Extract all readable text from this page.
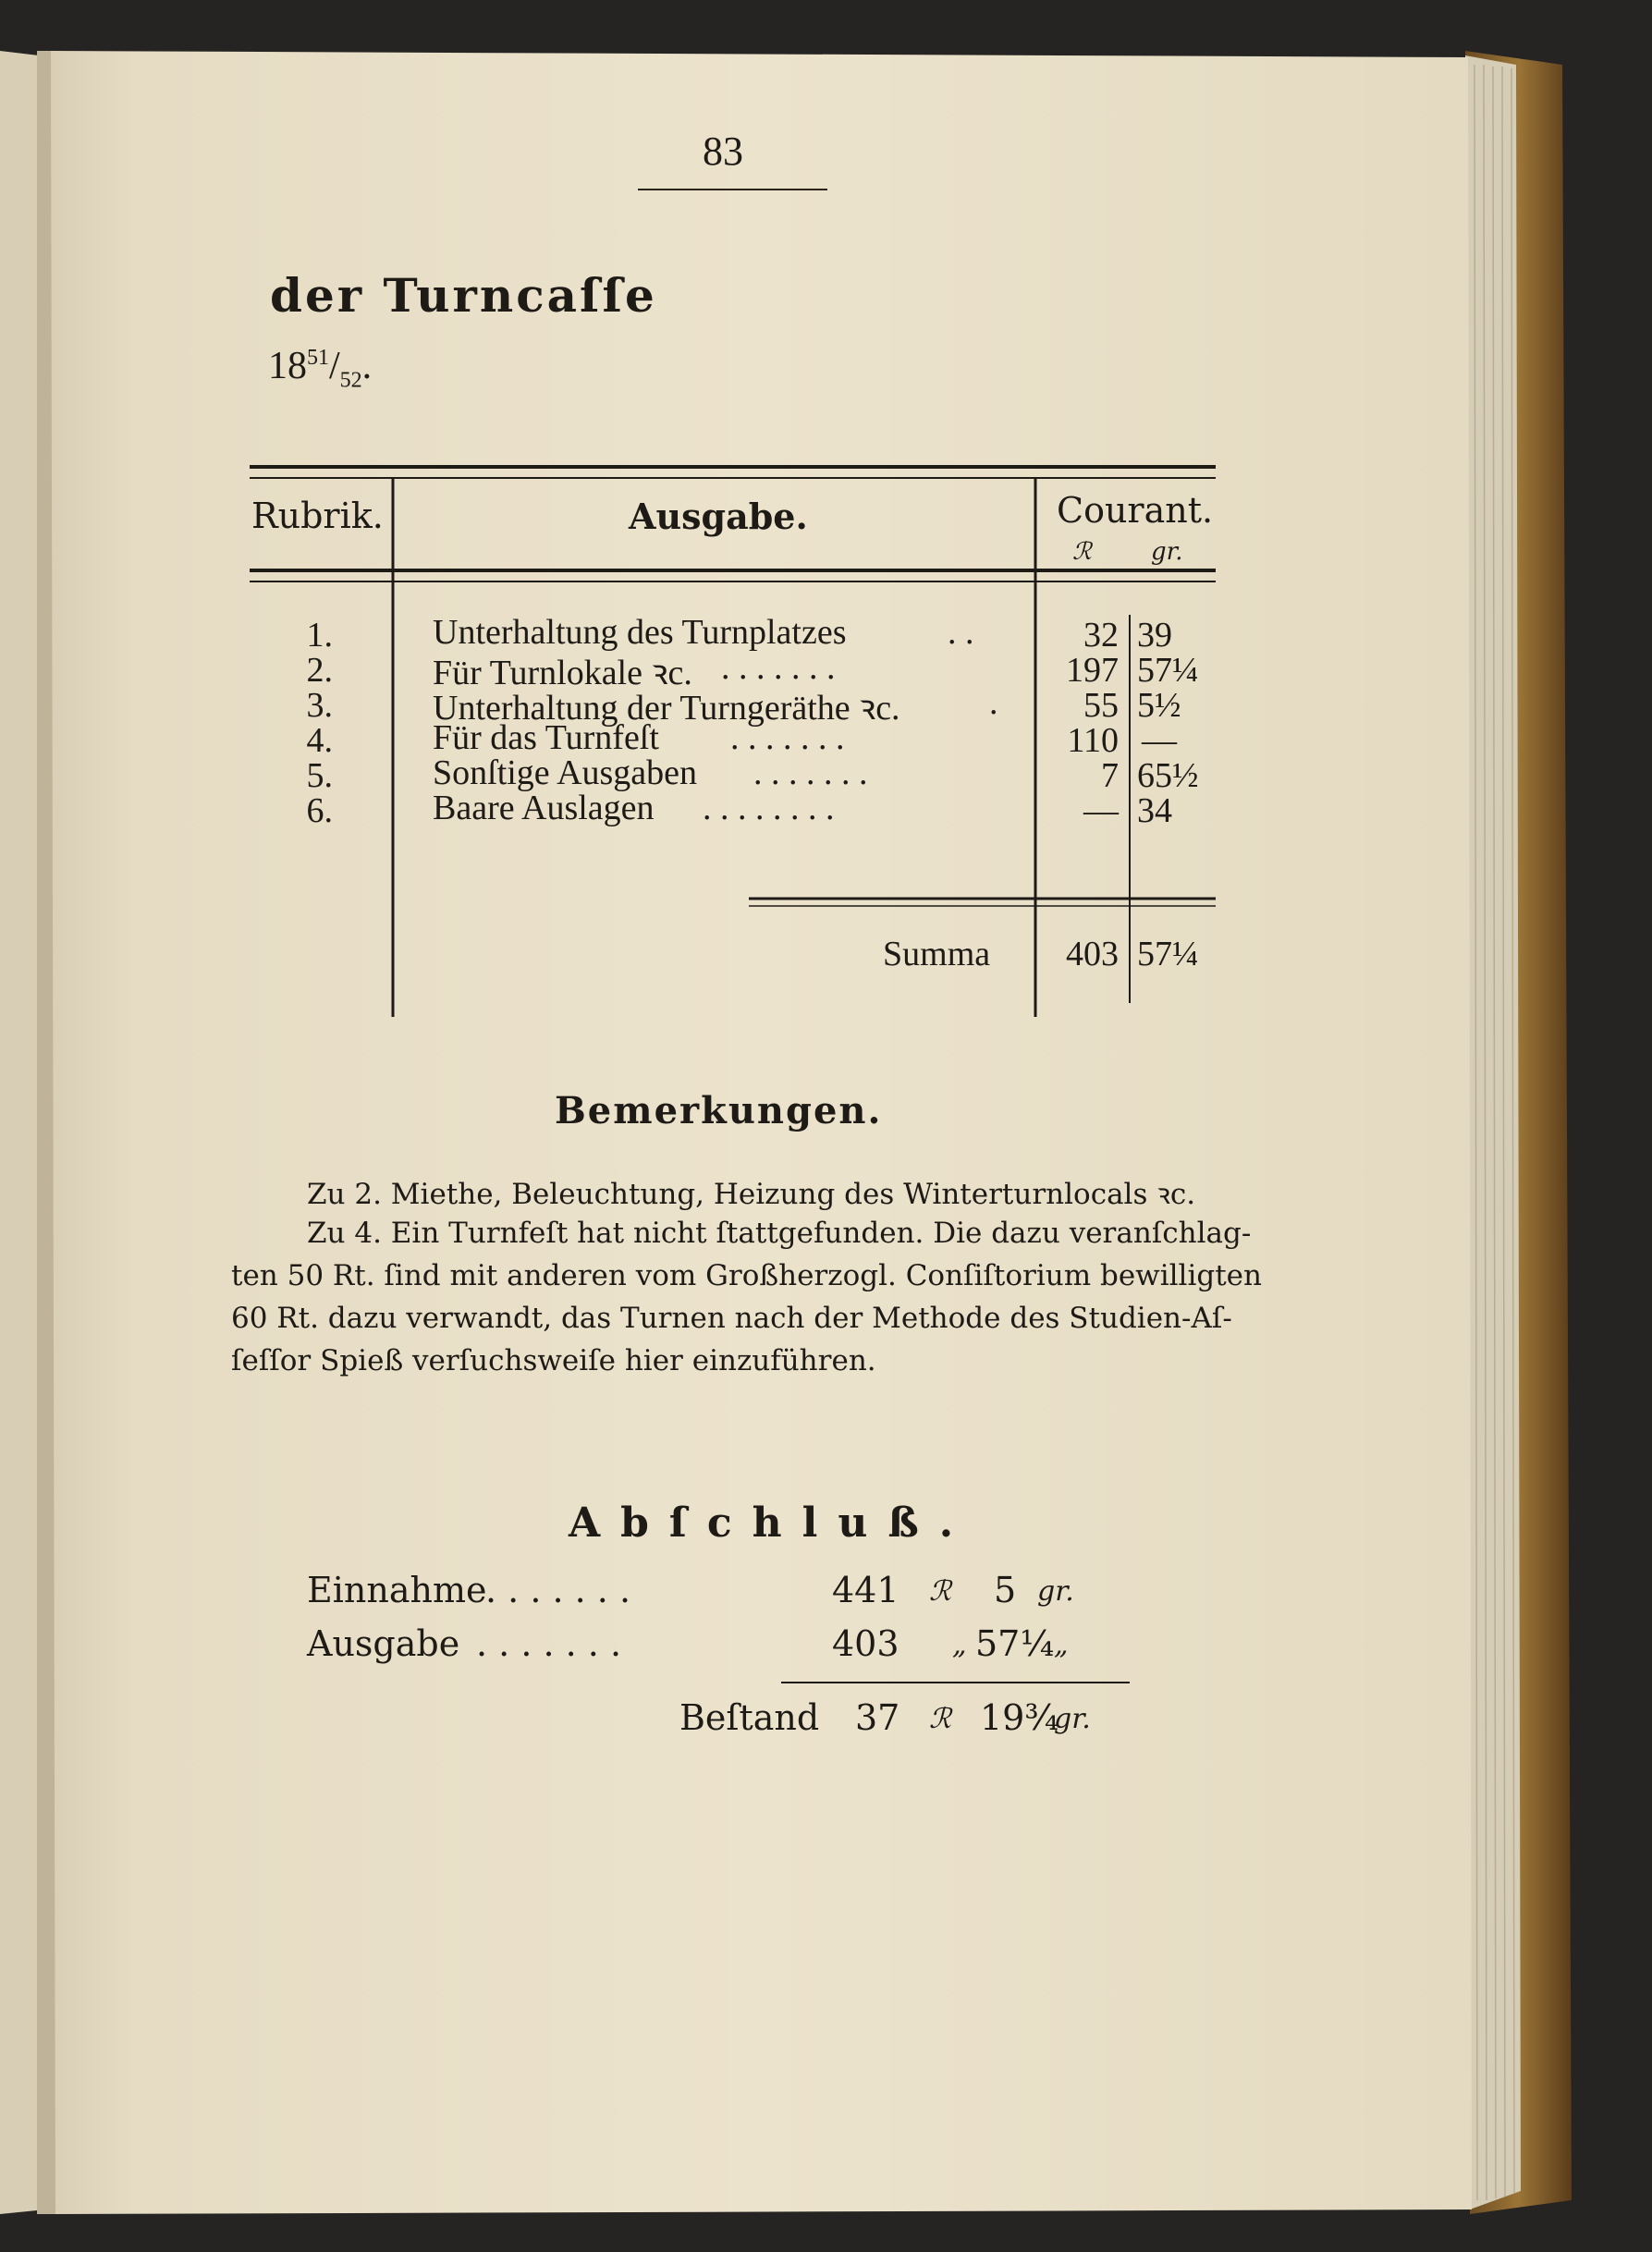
83
der Turncaſſe
$18^{51}/_{52}$.
Rubrik.	Ausgabe.	Courant.
ℛ︎ gr.
1.	Unterhaltung des Turnplatzes	. .	32 39
2.	Für Turnlokale ꝛc. . . . . . . .	197 57¼
3.	Unterhaltung der Turngeräthe ꝛc.	.	55 5½
4.	Für das Turnfeſt . . . . . . .	110 —
5.	Sonſtige Ausgaben . . . . . . .	7 65½
6.	Baare Auslagen . . . . . . . .	— 34
Summa	403 57¼
Bemerkungen.
Zu 2. Miethe, Beleuchtung, Heizung des Winterturnlocals ꝛc.
Zu 4. Ein Turnfeſt hat nicht ſtattgefunden. Die dazu veranſchlag-
ten 50 Rt. ſind mit anderen vom Großherzogl. Conſiſtorium bewilligten
60 Rt. dazu verwandt, das Turnen nach der Methode des Studien-Aſ-
ſeſſor Spieß verſuchsweiſe hier einzuführen.
Abſchluß.
Einnahme
. . . . . . .	441 ℛ︎ 5 gr.
Ausgabe . . . . . . .	403 „ 57¼ „
Beſtand 37 ℛ︎ 19¾
gr.
